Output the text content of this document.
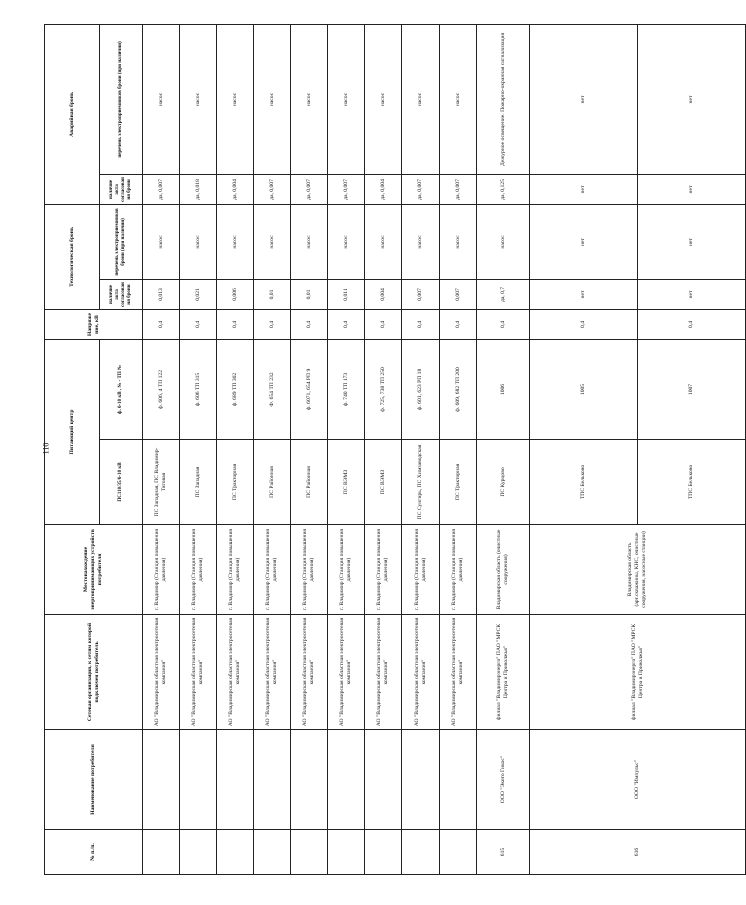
110
№ п./п.	Наименование потребителя	Сетевая организация, к сетям которой подключен потребитель	Местонахождение энергопринимающих устройств потребителя	Питающий центр		Напряжение, кВ	Технологическая бронь		Аварийная бронь	
				ПС110/35/6-10 кВ	ф. 6-10 кВ , № - ТП №		наличие акта согласования брони	перечень электроприемников брони (при наличии)	наличие акта согласования брони	перечень электроприемников брони (при наличии)
		АО "Владимирская областная электросетевая компания"	г. Владимир (Станция повышения давления)	ПС Западная, ПС Владимир-Тяговая	ф. 606, 4 ТП 122	0,4	0,013	насос	да, 0,007	насос
		АО "Владимирская областная электросетевая компания"	г. Владимир (Станция повышения давления)	ПС Западная	ф. 606 ТП 315	0,4	0,021	насос	да, 0,018	насос
		АО "Владимирская областная электросетевая компания"	г. Владимир (Станция повышения давления)	ПС Тракторная	ф. 689 ТП 302	0,4	0,006	насос	да, 0,004	насос
		АО "Владимирская областная электросетевая компания"	г. Владимир (Станция повышения давления)	ПС Районная	Ф. 654 ТП 232	0,4	0,01	насос	да, 0,007	насос
		АО "Владимирская областная электросетевая компания"	г. Владимир (Станция повышения давления)	ПС Районная	ф. 6071, 654 РП 9	0,4	0,01	насос	да, 0,007	насос
		АО "Владимирская областная электросетевая компания"	г. Владимир (Станция повышения давления)	ПС ВЭМЗ	ф. 740 ТП 173	0,4	0,011	насос	да, 0,007	насос
		АО "Владимирская областная электросетевая компания"	г. Владимир (Станция повышения давления)	ПС ВЭМЗ	ф. 725, 738 ТП 250	0,4	0,004	насос	да, 0,004	насос
		АО "Владимирская областная электросетевая компания"	г. Владимир (Станция повышения давления)	ПС Сунгирь, ПС Химзаводская	ф. 601, 623 РП 18	0,4	0,007	насос	да, 0,007	насос
		АО "Владимирская областная электросетевая компания"	г. Владимир (Станция повышения давления)	ПС Тракторная	ф. 609, 682 ТП 200	0,4	0,007	насос	да, 0,007	насос
615	ООО "Экото Гикос"	филиал "Владимирэнерго" ПАО "МРСК Центра и Приволжья"	Владимирская область (очистные сооружения)	ПС Курцово	1006	0,4	да, 0,7	насос	да, 0,125	Дежурное освещение. Пожарно-охранная сигнализация
616	ООО "Импульс"	филиал "Владимирэнерго" ПАО "МРСК Центра и Приволжья"	Владимирская область (арт.скважины, КНС, очистные сооружения, насосные станции)	ТПС Бельково	1005	0,4	нет	нет	нет	нет
				ТПС Бельково	1007	0,4	нет	нет	нет	нет
